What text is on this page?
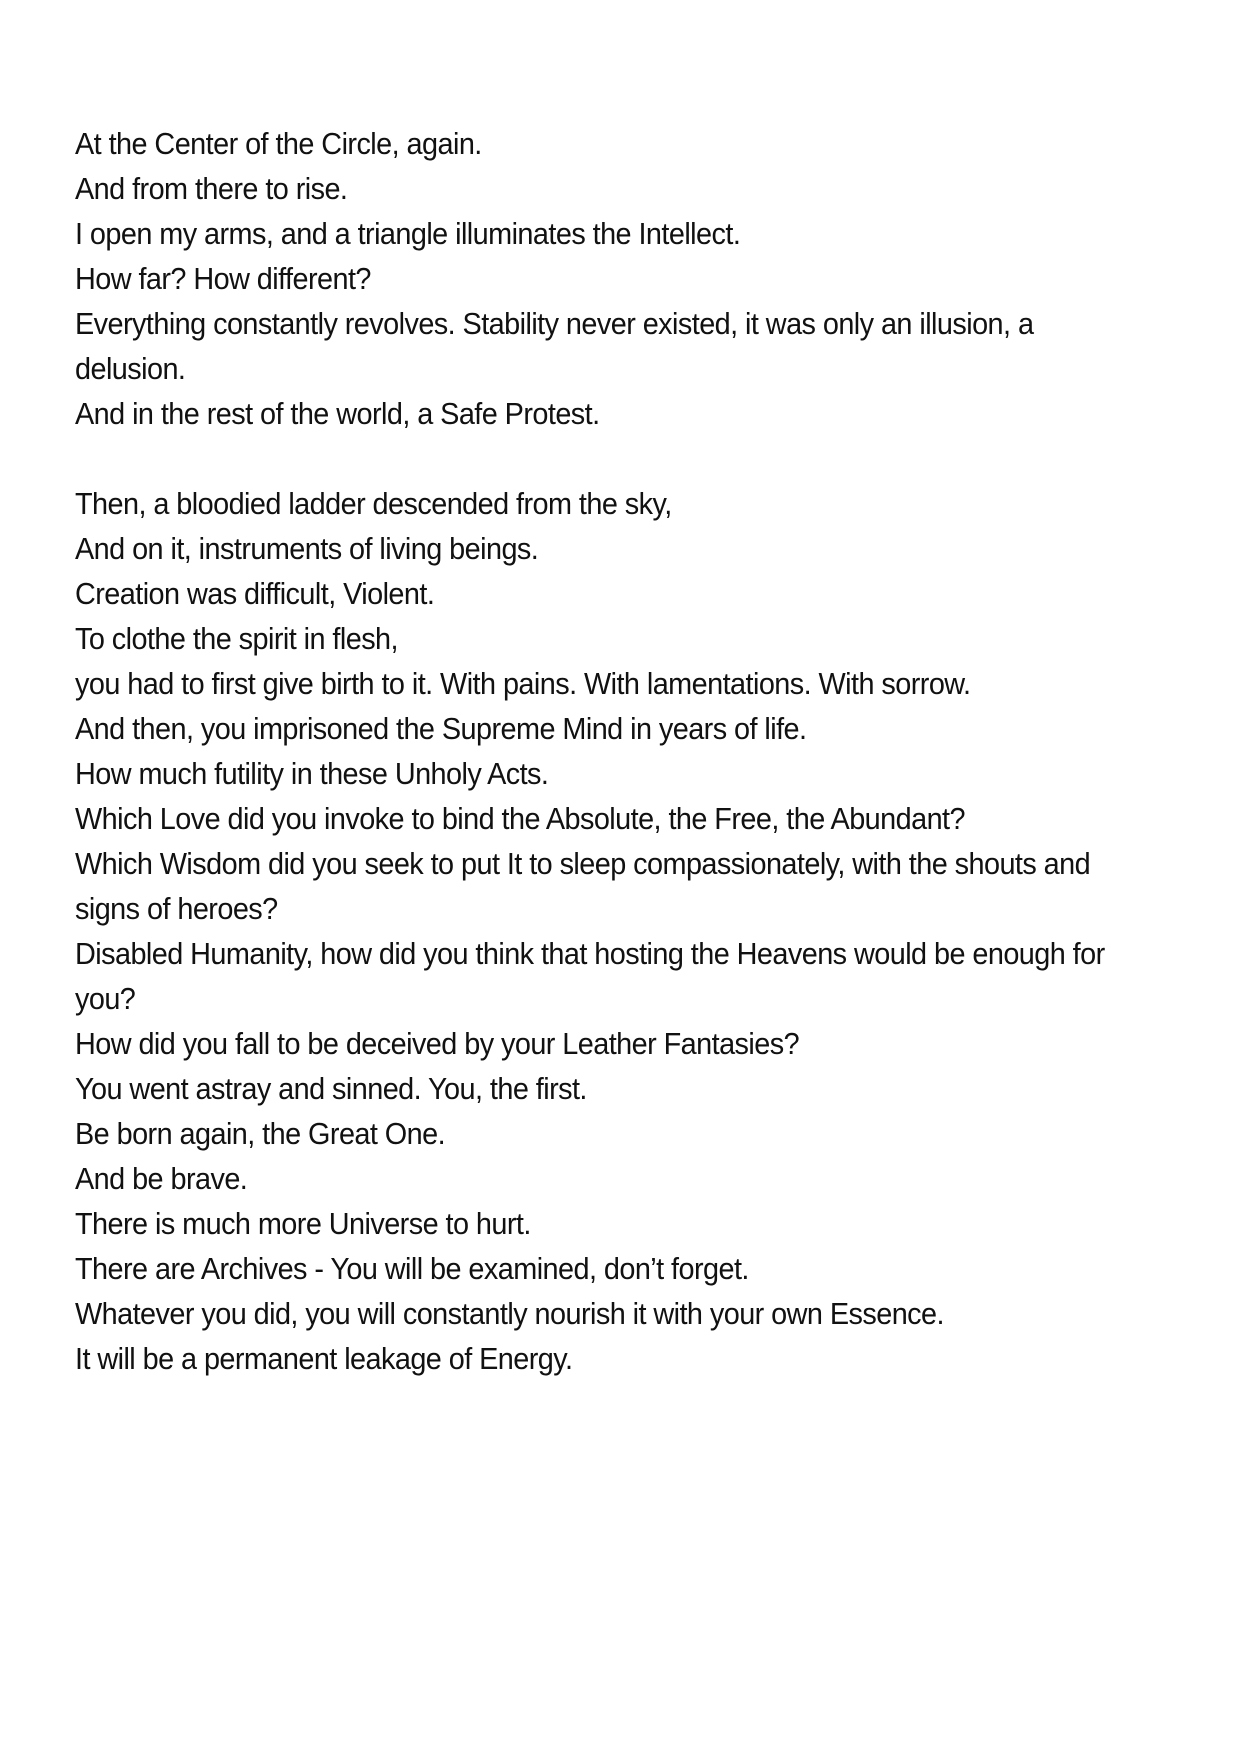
At the Center of the Circle, again.
And from there to rise.
I open my arms, and a triangle illuminates the Intellect.
How far? How different?
Everything constantly revolves. Stability never existed, it was only an illusion, a delusion.
And in the rest of the world, a Safe Protest.
Then, a bloodied ladder descended from the sky,
And on it, instruments of living beings.
Creation was difficult, Violent.
To clothe the spirit in flesh,
you had to first give birth to it. With pains. With lamentations. With sorrow.
And then, you imprisoned the Supreme Mind in years of life.
How much futility in these Unholy Acts.
Which Love did you invoke to bind the Absolute, the Free, the Abundant?
Which Wisdom did you seek to put It to sleep compassionately, with the shouts and signs of heroes?
Disabled Humanity, how did you think that hosting the Heavens would be enough for you?
How did you fall to be deceived by your Leather Fantasies?
You went astray and sinned. You, the first.
Be born again, the Great One.
And be brave.
There is much more Universe to hurt.
There are Archives - You will be examined, don’t forget.
Whatever you did, you will constantly nourish it with your own Essence.
It will be a permanent leakage of Energy.
